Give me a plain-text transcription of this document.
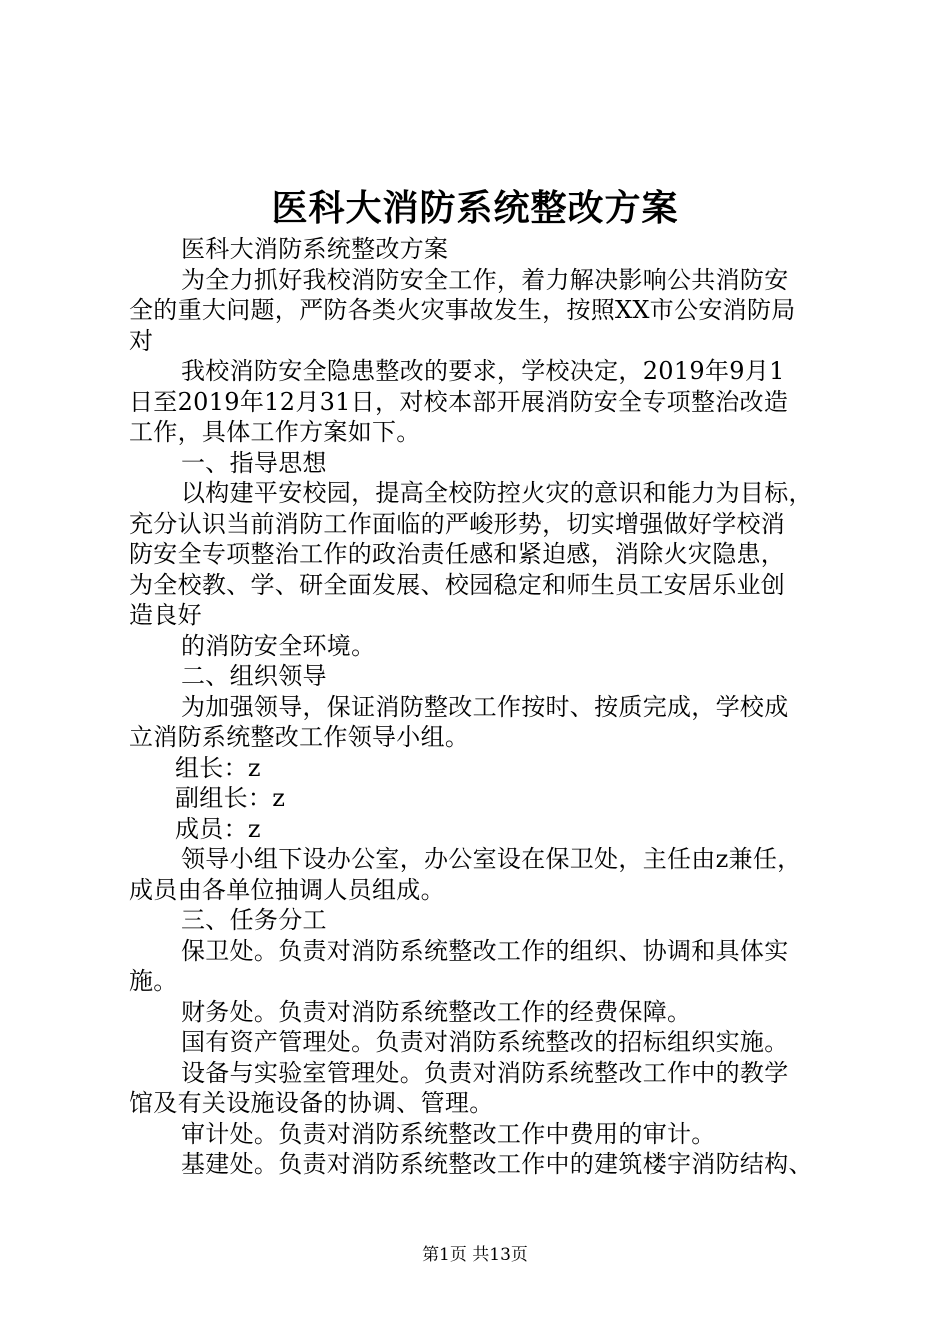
医科大消防系统整改方案
医科大消防系统整改方案
为全力抓好我校消防安全工作，着力解决影响公共消防安
全的重大问题，严防各类火灾事故发生，按照XX市公安消防局
对
我校消防安全隐患整改的要求，学校决定，2019年9月1
日至2019年12月31日，对校本部开展消防安全专项整治改造
工作，具体工作方案如下。
一、指导思想
以构建平安校园，提高全校防控火灾的意识和能力为目标，
充分认识当前消防工作面临的严峻形势，切实增强做好学校消
防安全专项整治工作的政治责任感和紧迫感，消除火灾隐患，
为全校教、学、研全面发展、校园稳定和师生员工安居乐业创
造良好
的消防安全环境。
二、组织领导
为加强领导，保证消防整改工作按时、按质完成，学校成
立消防系统整改工作领导小组。
组长：z
副组长：z
成员：z
领导小组下设办公室，办公室设在保卫处，主任由z兼任，
成员由各单位抽调人员组成。
三、任务分工
保卫处。负责对消防系统整改工作的组织、协调和具体实
施。
财务处。负责对消防系统整改工作的经费保障。
国有资产管理处。负责对消防系统整改的招标组织实施。
设备与实验室管理处。负责对消防系统整改工作中的教学
馆及有关设施设备的协调、管理。
审计处。负责对消防系统整改工作中费用的审计。
基建处。负责对消防系统整改工作中的建筑楼宇消防结构、
第1页 共13页
